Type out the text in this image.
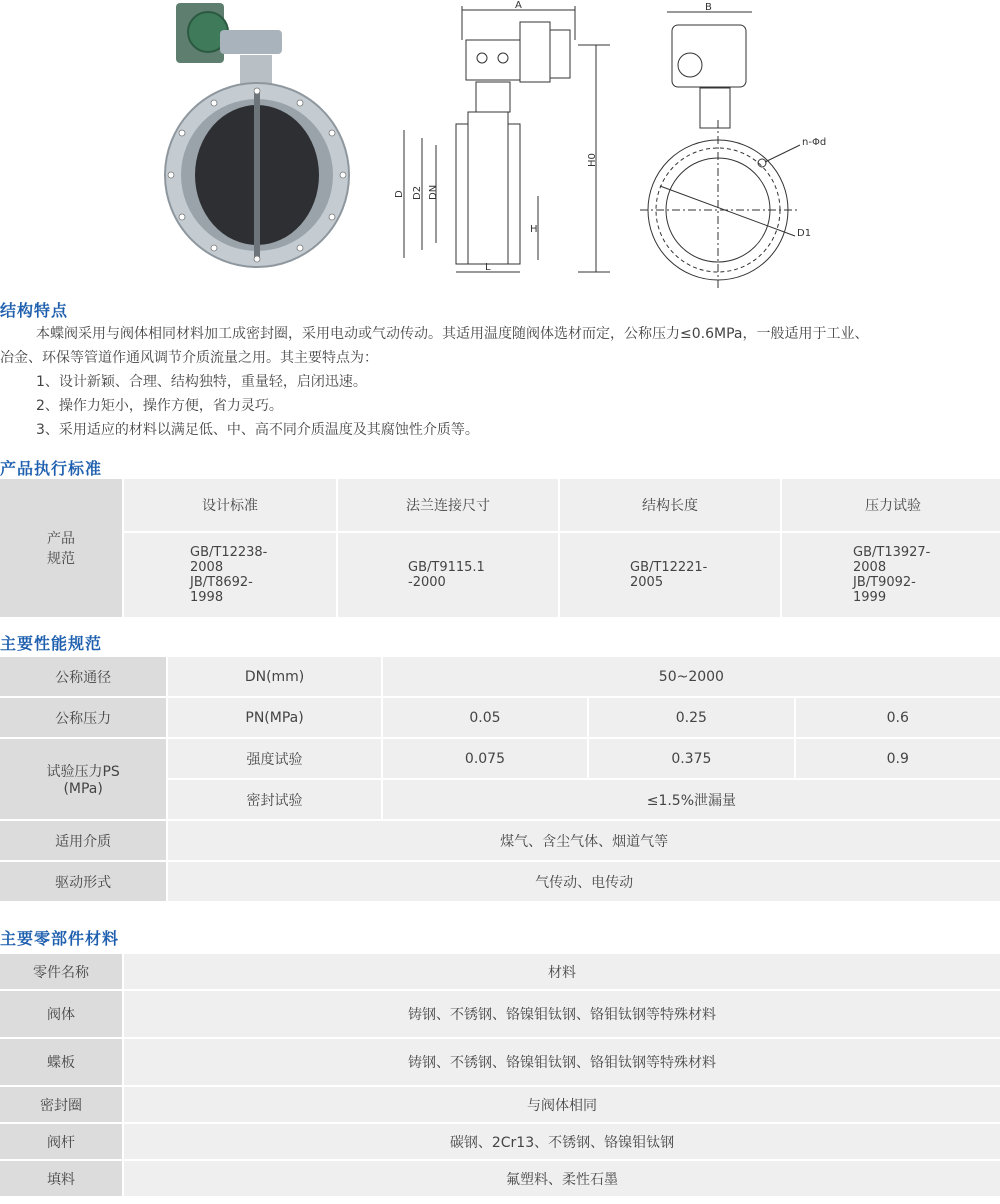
A
H0
D D2 DN
H
L
B
n-Φd
D1
结构特点

本蝶阀采用与阀体相同材料加工成密封圈，采用电动或气动传动。其适用温度随阀体选材而定，公称压力≤0.6MPa，一般适用于工业、

冶金、环保等管道作通风调节介质流量之用。其主要特点为：

1、设计新颖、合理、结构独特，重量轻，启闭迅速。

2、操作力矩小，操作方便，省力灵巧。

3、采用适应的材料以满足低、中、高不同介质温度及其腐蚀性介质等。

产品执行标准
产品
规范	设计标准	法兰连接尺寸	结构长度	压力试验
	GB/T12238-2008 JB/T8692-1998	GB/T9115.1-2000	GB/T12221-2005	GB/T13927-2008 JB/T9092-1999
主要性能规范
公称通径	DN(mm)	50~2000		
公称压力	PN(MPa)	0.05	0.25	0.6
试验压力PS
(MPa)	强度试验	0.075	0.375	0.9
	密封试验	≤1.5%泄漏量		
适用介质	煤气、含尘气体、烟道气等			
驱动形式	气传动、电传动			
主要零部件材料
零件名称	材料
阀体	铸钢、不锈钢、铬镍钼钛钢、铬钼钛钢等特殊材料
蝶板	铸钢、不锈钢、铬镍钼钛钢、铬钼钛钢等特殊材料
密封圈	与阀体相同
阀杆	碳钢、2Cr13、不锈钢、铬镍钼钛钢
填料	氟塑料、柔性石墨
